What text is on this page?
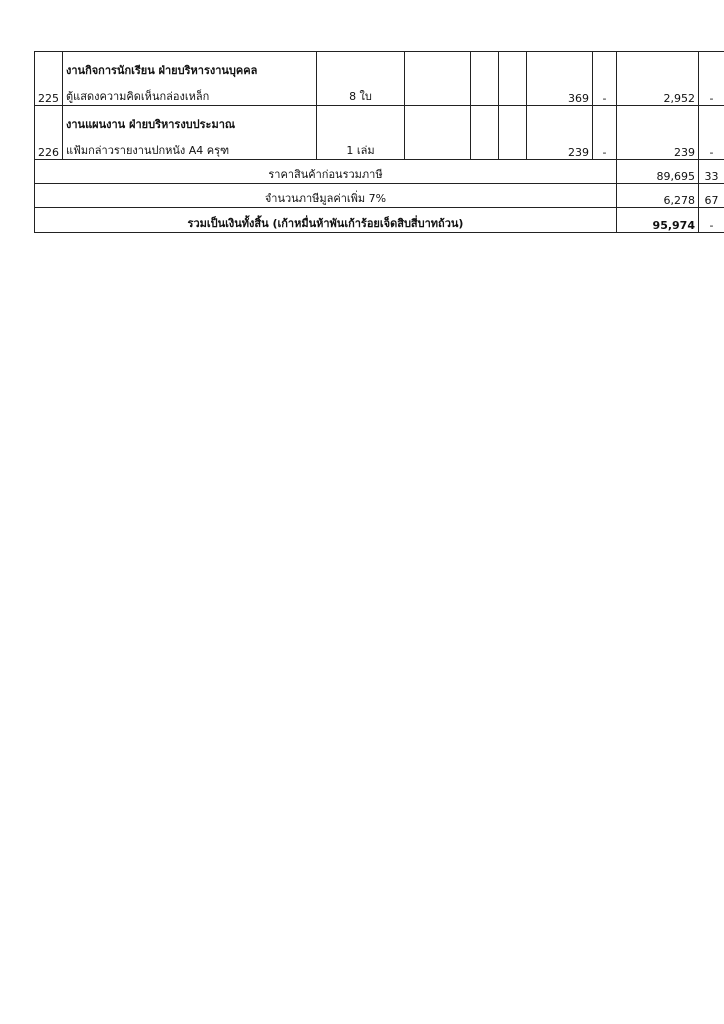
	งานกิจการนักเรียน ฝ่ายบริหารงานบุคคล								
225	ตู้แสดงความคิดเห็นกล่องเหล็ก	8 ใบ				369	-	2,952	-
	งานแผนงาน ฝ่ายบริหารงบประมาณ								
226	แฟ้มกล่าวรายงานปกหนัง A4 ครุฑ	1 เล่ม				239	-	239	-
ราคาสินค้าก่อนรวมภาษี								89,695	33
จำนวนภาษีมูลค่าเพิ่ม 7%								6,278	67
รวมเป็นเงินทั้งสิ้น (เก้าหมื่นห้าพันเก้าร้อยเจ็ดสิบสี่บาทถ้วน)								95,974	-
